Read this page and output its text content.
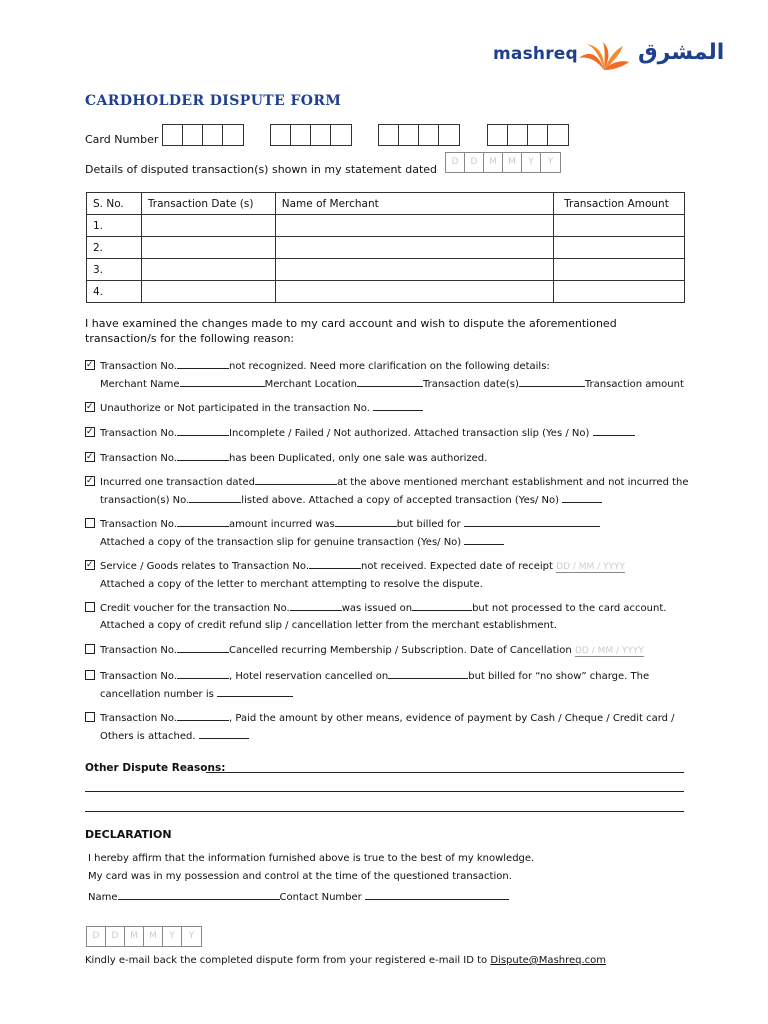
mashreq	المشرق
CARDHOLDER DISPUTE FORM
Card Number
Details of disputed transaction(s) shown in my statement dated
D	D	M	M	Y	Y
S. No.	Transaction Date (s)	Name of Merchant	Transaction Amount
1.			
2.			
3.			
4.			
I have examined the changes made to my card account and wish to dispute the aforementioned transaction/s for the following reason:
✓
Transaction No.	not recognized. Need more clarification on the following details:
Merchant Name	Merchant Location	Transaction date(s)	Transaction amount
✓
Unauthorize or Not participated in the transaction No.
✓
Transaction No.	Incomplete / Failed / Not authorized. Attached transaction slip (Yes / No)
✓
Transaction No.	has been Duplicated, only one sale was authorized.
✓
Incurred one transaction dated	at the above mentioned merchant establishment and not incurred the
transaction(s) No.	listed above. Attached a copy of accepted transaction (Yes/ No)
Transaction No.	amount incurred was	but billed for
Attached a copy of the transaction slip for genuine transaction (Yes/ No)
✓
Service / Goods relates to Transaction No.	not received. Expected date of receipt DD / MM / YYYY
Attached a copy of the letter to merchant attempting to resolve the dispute.
Credit voucher for the transaction No.	was issued on	but not processed to the card account.
Attached a copy of credit refund slip / cancellation letter from the merchant establishment.
Transaction No.	Cancelled recurring Membership / Subscription. Date of Cancellation DD / MM / YYYY
Transaction No.	, Hotel reservation cancelled on	but billed for “no show” charge. The
cancellation number is
Transaction No.	, Paid the amount by other means, evidence of payment by Cash / Cheque / Credit card /
Others is attached.
Other Dispute Reasons:
DECLARATION
I hereby affirm that the information furnished above is true to the best of my knowledge.
My card was in my possession and control at the time of the questioned transaction.
Name	Contact Number
D	D	M	M	Y	Y
Kindly e-mail back the completed dispute form from your registered e-mail ID to Dispute@Mashreq.com
